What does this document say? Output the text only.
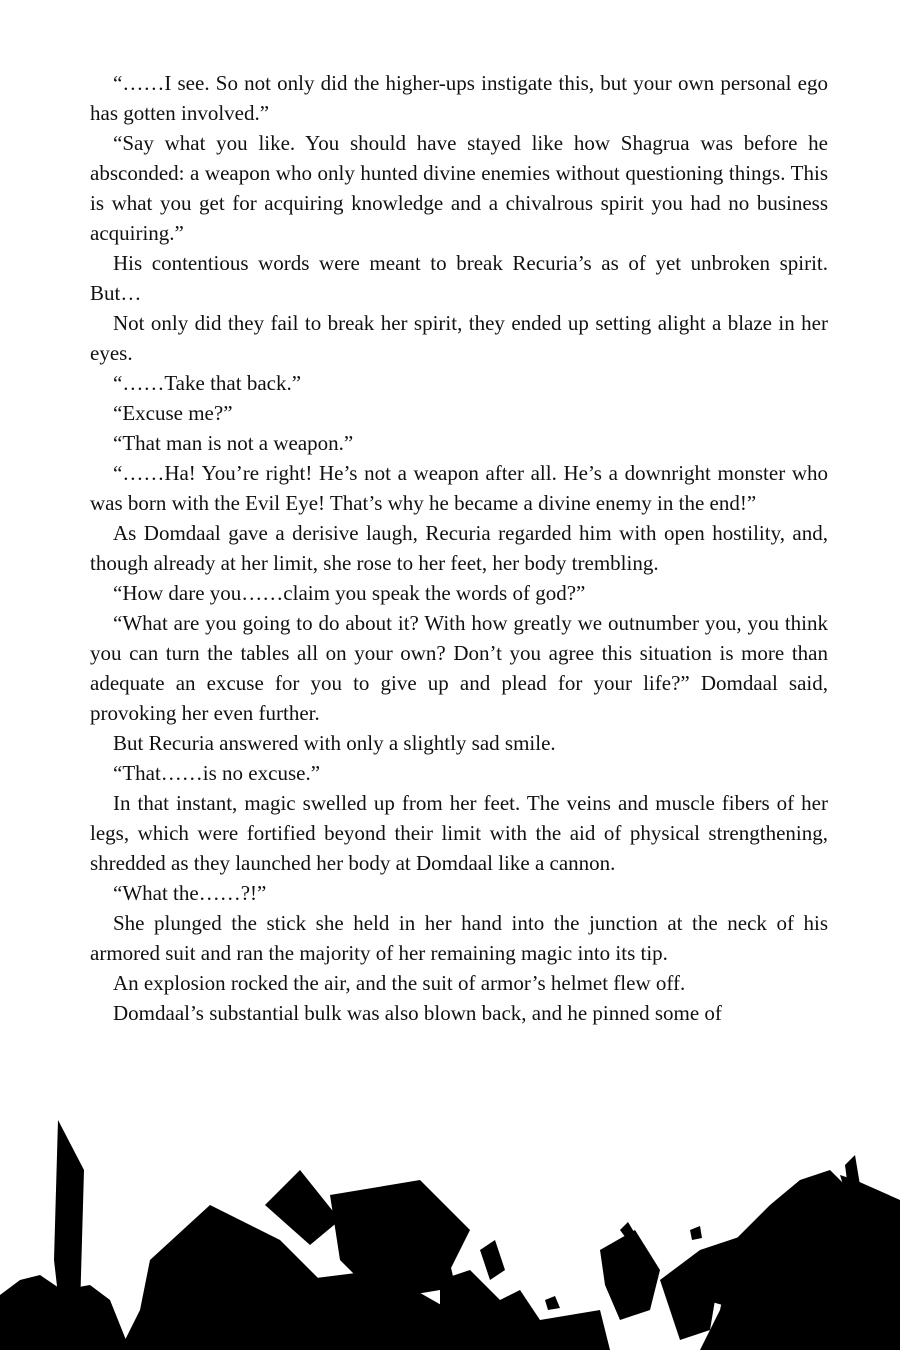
“……I see. So not only did the higher-ups instigate this, but your own personal ego has gotten involved.”

“Say what you like. You should have stayed like how Shagrua was before he absconded: a weapon who only hunted divine enemies without questioning things. This is what you get for acquiring knowledge and a chivalrous spirit you had no business acquiring.”

His contentious words were meant to break Recuria’s as of yet unbroken spirit. But…

Not only did they fail to break her spirit, they ended up setting alight a blaze in her eyes.

“……Take that back.”

“Excuse me?”

“That man is not a weapon.”

“……Ha! You’re right! He’s not a weapon after all. He’s a downright monster who was born with the Evil Eye! That’s why he became a divine enemy in the end!”

As Domdaal gave a derisive laugh, Recuria regarded him with open hostility, and, though already at her limit, she rose to her feet, her body trembling.

“How dare you……claim you speak the words of god?”

“What are you going to do about it? With how greatly we outnumber you, you think you can turn the tables all on your own? Don’t you agree this situation is more than adequate an excuse for you to give up and plead for your life?” Domdaal said, provoking her even further.

But Recuria answered with only a slightly sad smile.

“That……is no excuse.”

In that instant, magic swelled up from her feet. The veins and muscle fibers of her legs, which were fortified beyond their limit with the aid of physical strengthening, shredded as they launched her body at Domdaal like a cannon.

“What the……?!”

She plunged the stick she held in her hand into the junction at the neck of his armored suit and ran the majority of her remaining magic into its tip.

An explosion rocked the air, and the suit of armor’s helmet flew off.

Domdaal’s substantial bulk was also blown back, and he pinned some of
